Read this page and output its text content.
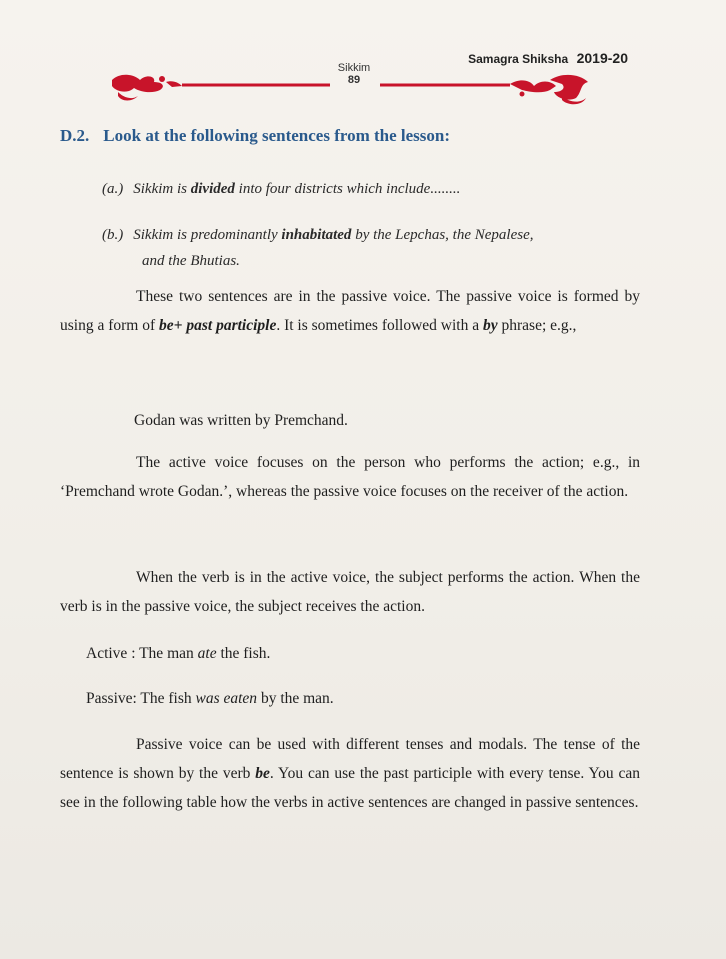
Samagra Shiksha 2019-20
Sikkim
89
D.2. Look at the following sentences from the lesson:
(a.) Sikkim is divided into four districts which include........
(b.) Sikkim is predominantly inhabitated by the Lepchas, the Nepalese,
and the Bhutias.

These two sentences are in the passive voice. The passive voice is formed by using a form of be+ past participle. It is sometimes followed with a by phrase; e.g.,

Godan was written by Premchand.

The active voice focuses on the person who performs the action; e.g., in ‘Premchand wrote Godan.’, whereas the passive voice focuses on the receiver of the action.

When the verb is in the active voice, the subject performs the action. When the verb is in the passive voice, the subject receives the action.

Active : The man ate the fish.
Passive: The fish was eaten by the man.

Passive voice can be used with different tenses and modals. The tense of the sentence is shown by the verb be. You can use the past participle with every tense. You can see in the following table how the verbs in active sentences are changed in passive sentences.
